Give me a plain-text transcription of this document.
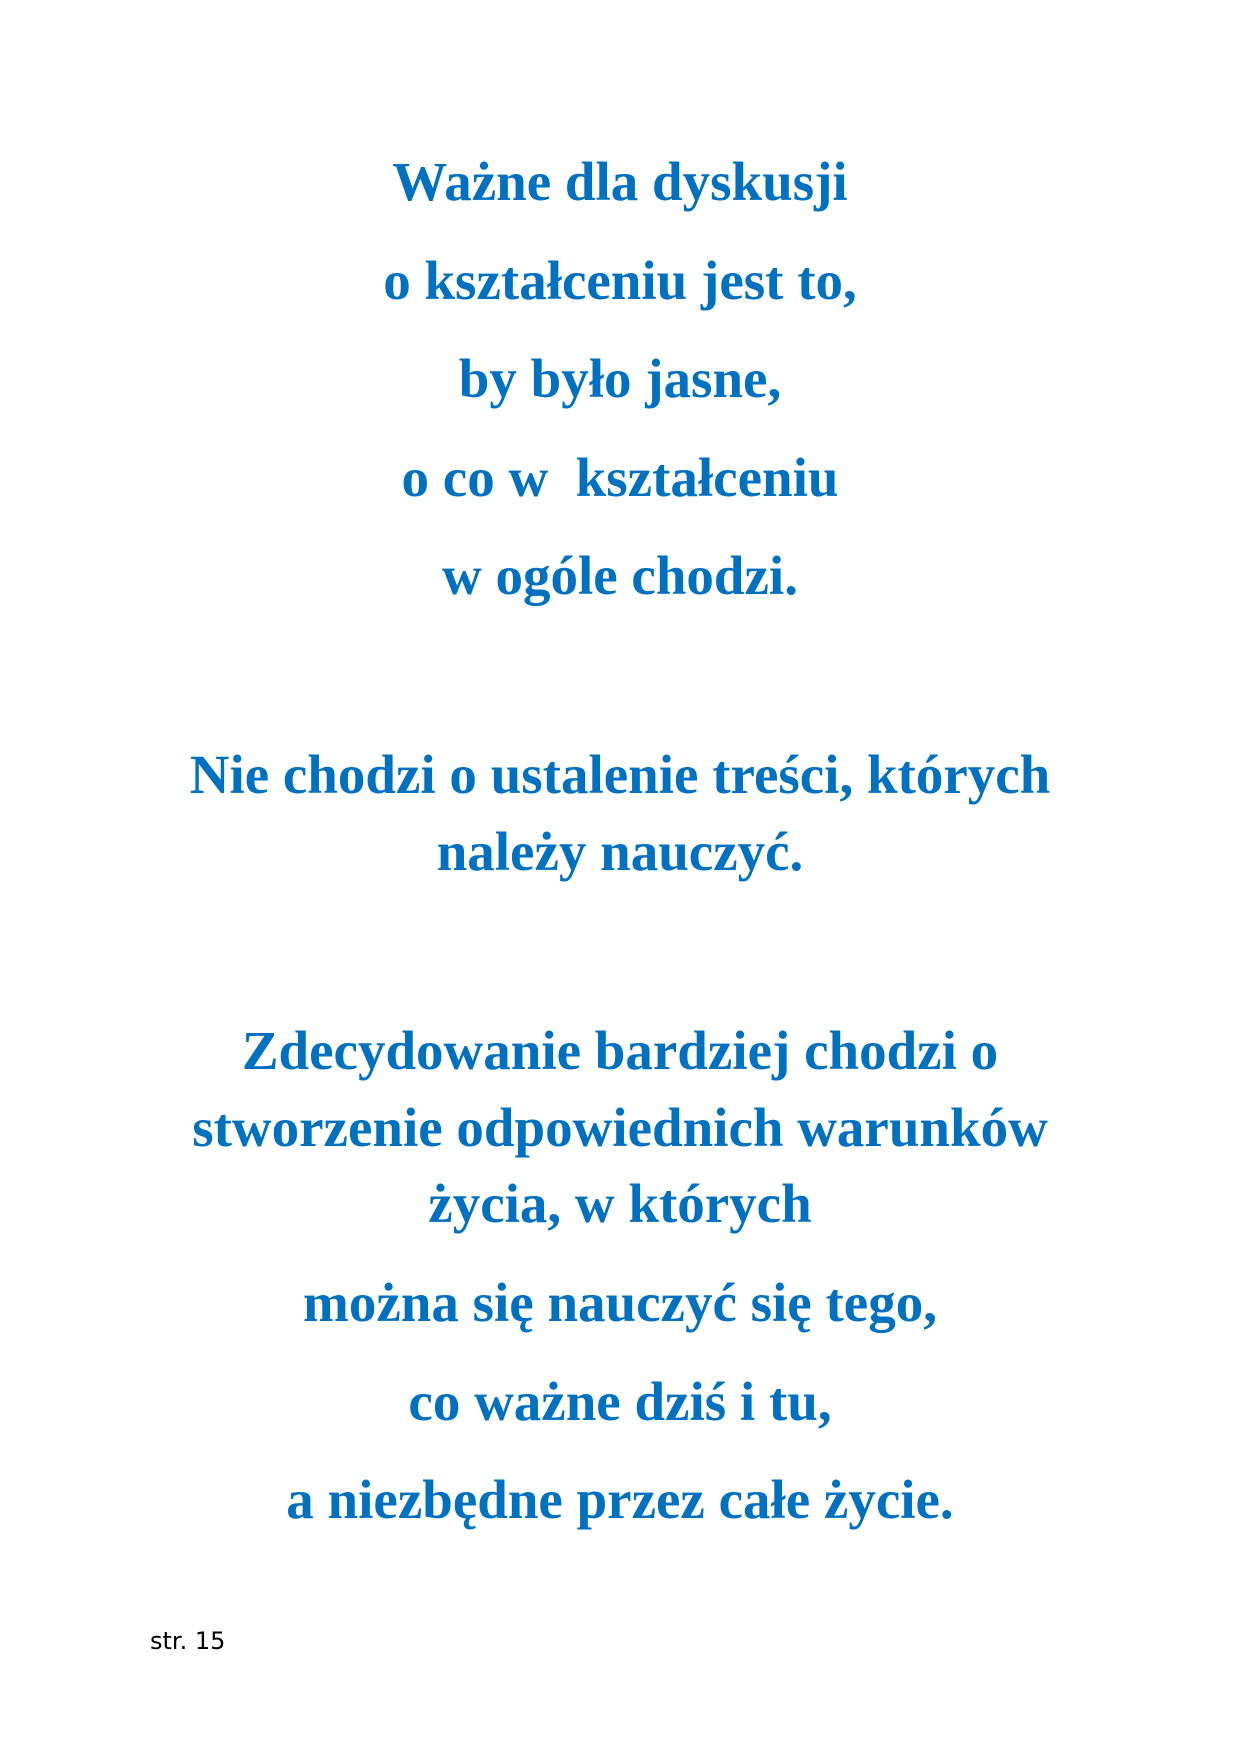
Ważne dla dyskusji
o kształceniu jest to,
by było jasne,
o co w  kształceniu
w ogóle chodzi.
Nie chodzi o ustalenie treści, których
należy nauczyć.
Zdecydowanie bardziej chodzi o
stworzenie odpowiednich warunków
życia, w których
można się nauczyć się tego,
co ważne dziś i tu,
a niezbędne przez całe życie.
str. 15
